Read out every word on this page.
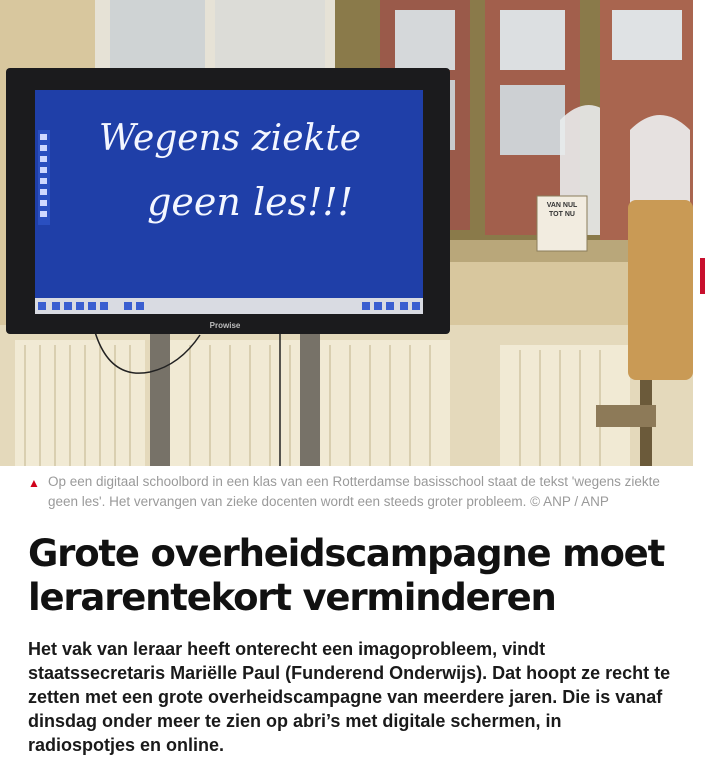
VAN NUL
TOT NU
Wegens ziekte
geen les!!!
Prowise
▲ Op een digitaal schoolbord in een klas van een Rotterdamse basisschool staat de tekst 'wegens ziekte geen les'. Het vervangen van zieke docenten wordt een steeds groter probleem. © ANP / ANP
Grote overheidscampagne moet lerarentekort verminderen

Het vak van leraar heeft onterecht een imagoprobleem, vindt staatssecretaris Mariëlle Paul (Funderend Onderwijs). Dat hoopt ze recht te zetten met een grote overheidscampagne van meerdere jaren. Die is vanaf dinsdag onder meer te zien op abri’s met digitale schermen, in radiospotjes en online.
